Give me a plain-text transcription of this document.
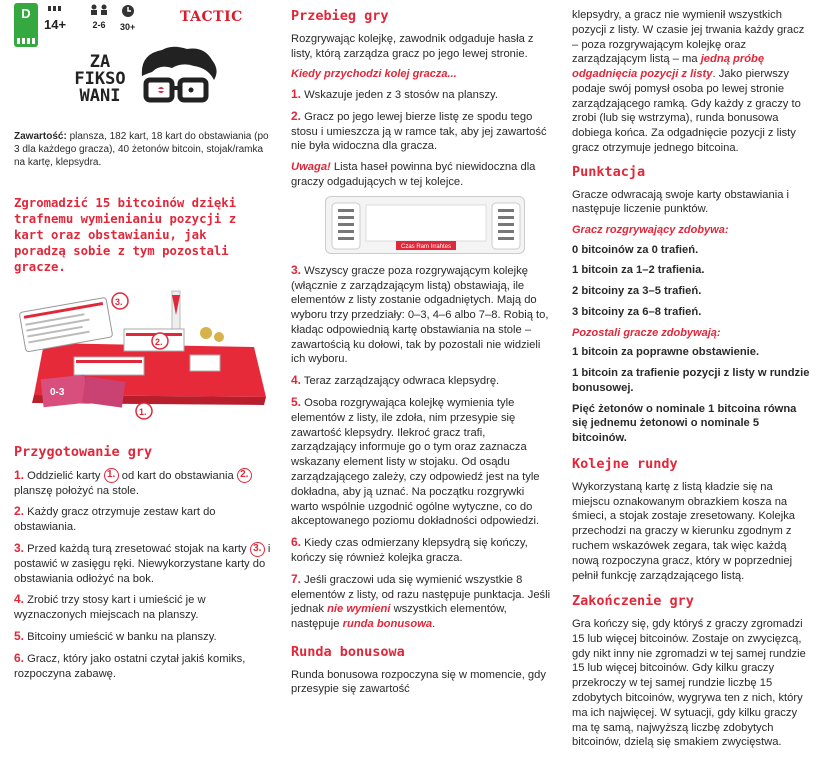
D
14+	2-6 30+
TACTIC
ZA
FIKSO
WANI
Zawartość: plansza, 182 kart, 18 kart do obstawiania (po 3 dla każdego gracza), 40 żetonów bitcoin, stojak/ramka na kartę, klepsydra.
Zgromadzić 15 bitcoinów dzięki trafnemu wymienianiu pozycji z kart oraz obstawianiu, jak poradzą sobie z tym pozostali gracze.
0-3
3.
2.
1.
Przygotowanie gry

1. Oddzielić karty 1. od kart do obstawiania 2. planszę położyć na stole.

2. Każdy gracz otrzymuje zestaw kart do obstawiania.

3. Przed każdą turą zresetować stojak na karty 3. i postawić w zasięgu ręki. Niewykorzystane karty do obstawiania odłożyć na bok.

4. Zrobić trzy stosy kart i umieścić je w wyznaczonych miejscach na planszy.

5. Bitcoiny umieścić w banku na planszy.

6. Gracz, który jako ostatni czytał jakiś komiks, rozpoczyna zabawę.

Przebieg gry

Rozgrywając kolejkę, zawodnik odgaduje hasła z listy, którą zarządza gracz po jego lewej stronie.

Kiedy przychodzi kolej gracza...

1. Wskazuje jeden z 3 stosów na planszy.

2. Gracz po jego lewej bierze listę ze spodu tego stosu i umieszcza ją w ramce tak, aby jej zawartość nie była widoczna dla gracza.

Uwaga! Lista haseł powinna być niewidoczna dla graczy odgadujących w tej kolejce.

Czas Ram Irrahtes

3. Wszyscy gracze poza rozgrywającym kolejkę (włącznie z zarządzającym listą) obstawiają, ile elementów z listy zostanie odgadniętych. Mają do wyboru trzy przedziały: 0–3, 4–6 albo 7–8. Robią to, kładąc odpowiednią kartę obstawiania na stole – zawartością ku dołowi, tak by pozostali nie widzieli ich wyboru.

4. Teraz zarządzający odwraca klepsydrę.

5. Osoba rozgrywająca kolejkę wymienia tyle elementów z listy, ile zdoła, nim przesypie się zawartość klepsydry. Ilekroć gracz trafi, zarządzający informuje go o tym oraz zaznacza wskazany element listy w stojaku. Od osądu zarządzającego zależy, czy odpowiedź jest na tyle dokładna, aby ją uznać. Na początku rozgrywki warto wspólnie uzgodnić ogólne wytyczne, co do akceptowanego poziomu dokładności odpowiedzi.

6. Kiedy czas odmierzany klepsydrą się kończy, kończy się również kolejka gracza.

7. Jeśli graczowi uda się wymienić wszystkie 8 elementów z listy, od razu następuje punktacja. Jeśli jednak nie wymieni wszystkich elementów, następuje runda bonusowa.

Runda bonusowa

Runda bonusowa rozpoczyna się w momencie, gdy przesypie się zawartość

klepsydry, a gracz nie wymienił wszystkich pozycji z listy. W czasie jej trwania każdy gracz – poza rozgrywającym kolejkę oraz zarządzającym listą – ma jedną próbę odgadnięcia pozycji z listy. Jako pierwszy podaje swój pomysł osoba po lewej stronie zarządzającego ramką. Gdy każdy z graczy to zrobi (lub się wstrzyma), runda bonusowa dobiega końca. Za odgadnięcie pozycji z listy gracz otrzymuje jednego bitcoina.

Punktacja

Gracze odwracają swoje karty obstawiania i następuje liczenie punktów.

Gracz rozgrywający zdobywa:

0 bitcoinów za 0 trafień.

1 bitcoin za 1–2 trafienia.

2 bitcoiny za 3–5 trafień.

3 bitcoiny za 6–8 trafień.

Pozostali gracze zdobywają:

1 bitcoin za poprawne obstawienie.

1 bitcoin za trafienie pozycji z listy w rundzie bonusowej.

Pięć żetonów o nominale 1 bitcoina równa się jednemu żetonowi o nominale 5 bitcoinów.

Kolejne rundy

Wykorzystaną kartę z listą kładzie się na miejscu oznakowanym obrazkiem kosza na śmieci, a stojak zostaje zresetowany. Kolejka przechodzi na graczy w kierunku zgodnym z ruchem wskazówek zegara, tak więc każdą nową rozpoczyna gracz, który w poprzedniej pełnił funkcję zarządzającego listą.

Zakończenie gry

Gra kończy się, gdy któryś z graczy zgromadzi 15 lub więcej bitcoinów. Zostaje on zwycięzcą, gdy nikt inny nie zgromadzi w tej samej rundzie 15 lub więcej bitcoinów. Gdy kilku graczy przekroczy w tej samej rundzie liczbę 15 zdobytych bitcoinów, wygrywa ten z nich, który ma ich najwięcej. W sytuacji, gdy kilku graczy ma tę samą, najwyższą liczbę zdobytych bitcoinów, dzielą się smakiem zwycięstwa.
